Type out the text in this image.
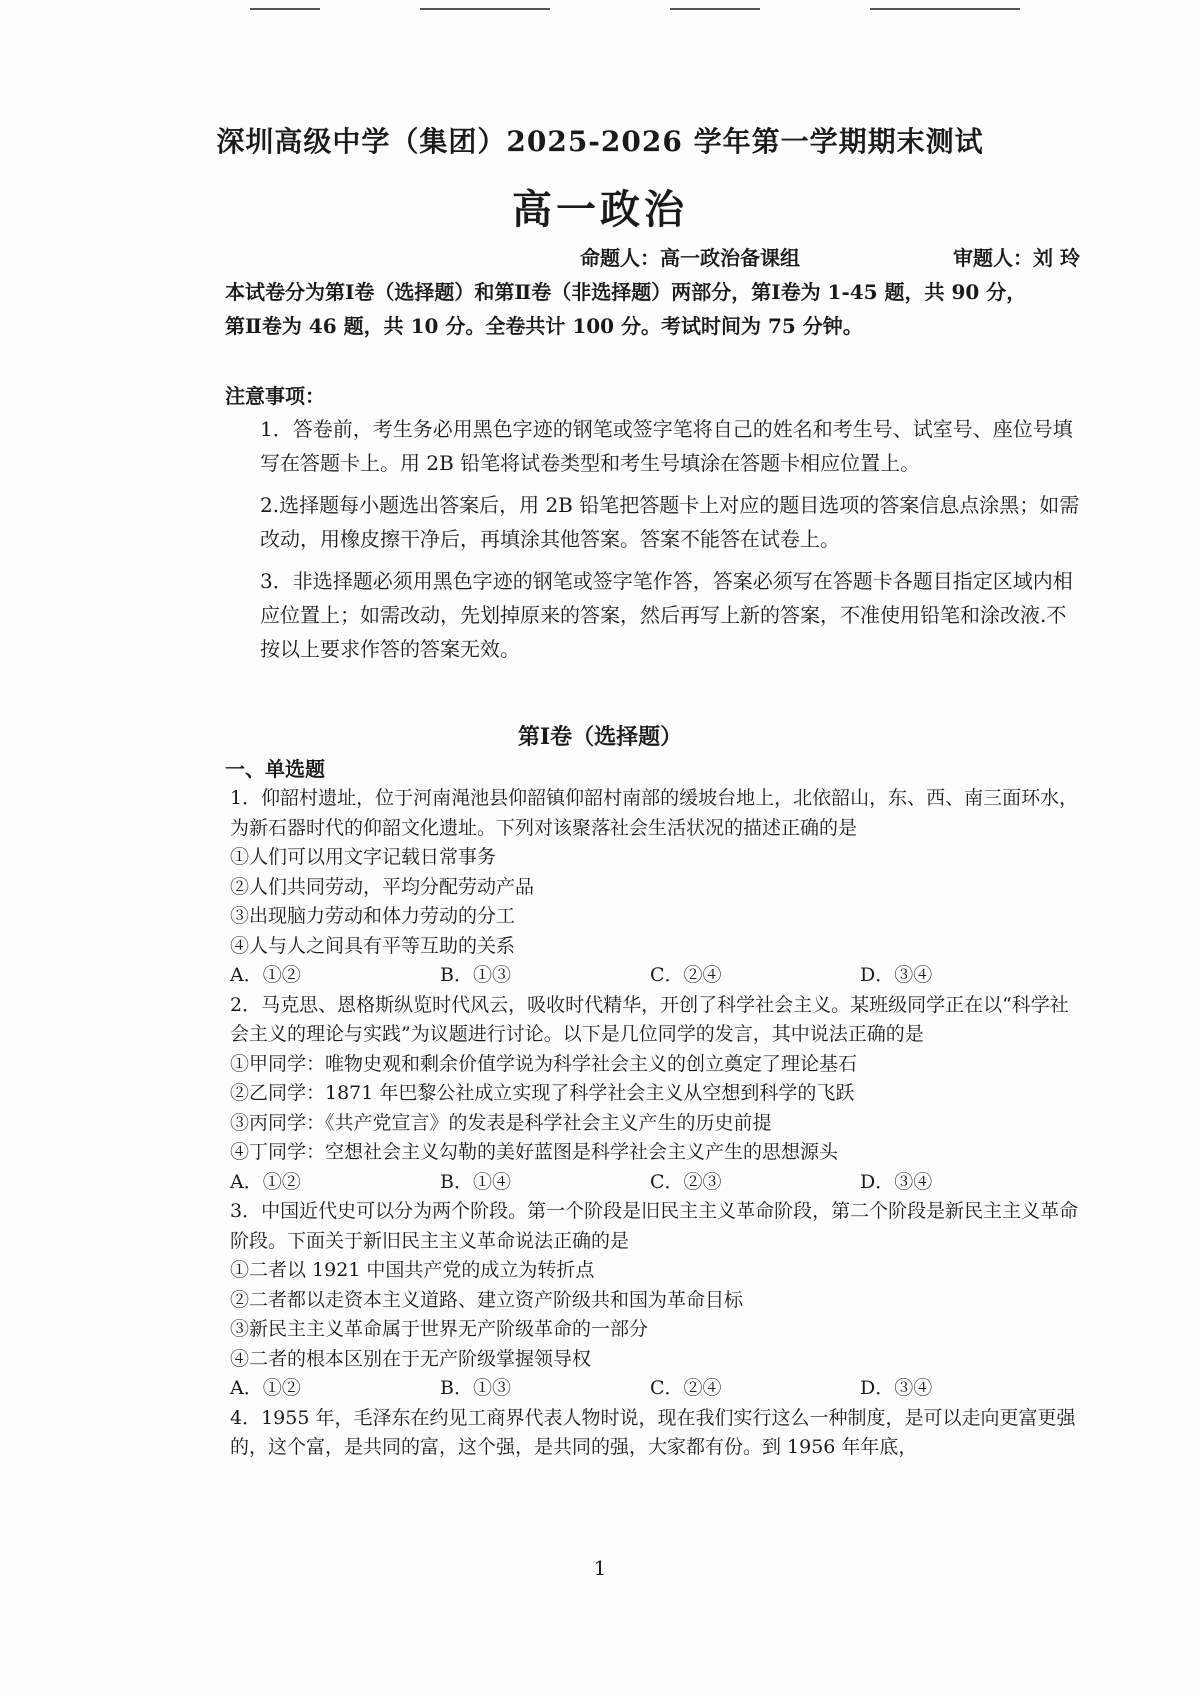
深圳高级中学（集团）2025-2026 学年第一学期期末测试
高一政治
命题人：高一政治备课组	审题人：刘 玲
本试卷分为第Ⅰ卷（选择题）和第Ⅱ卷（非选择题）两部分，第Ⅰ卷为 1-45 题，共 90 分，
第Ⅱ卷为 46 题，共 10 分。全卷共计 100 分。考试时间为 75 分钟。
注意事项：
1．答卷前，考生务必用黑色字迹的钢笔或签字笔将自己的姓名和考生号、试室号、座位号填写在答题卡上。用 2B 铅笔将试卷类型和考生号填涂在答题卡相应位置上。
2.选择题每小题选出答案后，用 2B 铅笔把答题卡上对应的题目选项的答案信息点涂黑；如需改动，用橡皮擦干净后，再填涂其他答案。答案不能答在试卷上。
3．非选择题必须用黑色字迹的钢笔或签字笔作答，答案必须写在答题卡各题目指定区域内相应位置上；如需改动，先划掉原来的答案，然后再写上新的答案，不准使用铅笔和涂改液.不按以上要求作答的答案无效。
第Ⅰ卷（选择题）
一、单选题

1．仰韶村遗址，位于河南渑池县仰韶镇仰韶村南部的缓坡台地上，北依韶山，东、西、南三面环水，为新石器时代的仰韶文化遗址。下列对该聚落社会生活状况的描述正确的是

①人们可以用文字记载日常事务

②人们共同劳动，平均分配劳动产品

③出现脑力劳动和体力劳动的分工

④人与人之间具有平等互助的关系

A．①②	B．①③	C．②④	D．③④

2．马克思、恩格斯纵览时代风云，吸收时代精华，开创了科学社会主义。某班级同学正在以“科学社会主义的理论与实践”为议题进行讨论。以下是几位同学的发言，其中说法正确的是

①甲同学：唯物史观和剩余价值学说为科学社会主义的创立奠定了理论基石

②乙同学：1871 年巴黎公社成立实现了科学社会主义从空想到科学的飞跃

③丙同学：《共产党宣言》的发表是科学社会主义产生的历史前提

④丁同学：空想社会主义勾勒的美好蓝图是科学社会主义产生的思想源头

A．①②	B．①④	C．②③	D．③④

3．中国近代史可以分为两个阶段。第一个阶段是旧民主主义革命阶段，第二个阶段是新民主主义革命阶段。下面关于新旧民主主义革命说法正确的是

①二者以 1921 中国共产党的成立为转折点

②二者都以走资本主义道路、建立资产阶级共和国为革命目标

③新民主主义革命属于世界无产阶级革命的一部分

④二者的根本区别在于无产阶级掌握领导权

A．①②	B．①③	C．②④	D．③④

4．1955 年，毛泽东在约见工商界代表人物时说，现在我们实行这么一种制度，是可以走向更富更强的，这个富，是共同的富，这个强，是共同的强，大家都有份。到 1956 年年底，

1
